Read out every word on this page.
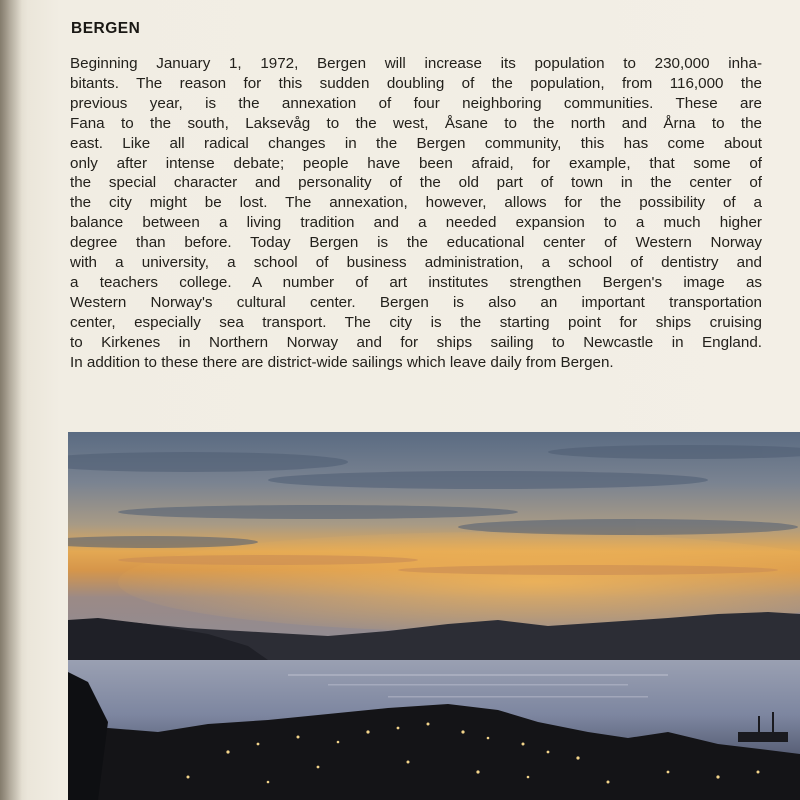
BERGEN

Beginning January 1, 1972, Bergen will increase its population to 230,000 inha-
bitants. The reason for this sudden doubling of the population, from 116,000 the
previous year, is the annexation of four neighboring communities. These are
Fana to the south, Laksevåg to the west, Åsane to the north and Årna to the
east. Like all radical changes in the Bergen community, this has come about
only after intense debate; people have been afraid, for example, that some of
the special character and personality of the old part of town in the center of
the city might be lost. The annexation, however, allows for the possibility of a
balance between a living tradition and a needed expansion to a much higher
degree than before. Today Bergen is the educational center of Western Norway
with a university, a school of business administration, a school of dentistry and
a teachers college. A number of art institutes strengthen Bergen's image as
Western Norway's cultural center. Bergen is also an important transportation
center, especially sea transport. The city is the starting point for ships cruising
to Kirkenes in Northern Norway and for ships sailing to Newcastle in England.
In addition to these there are district-wide sailings which leave daily from Bergen.
